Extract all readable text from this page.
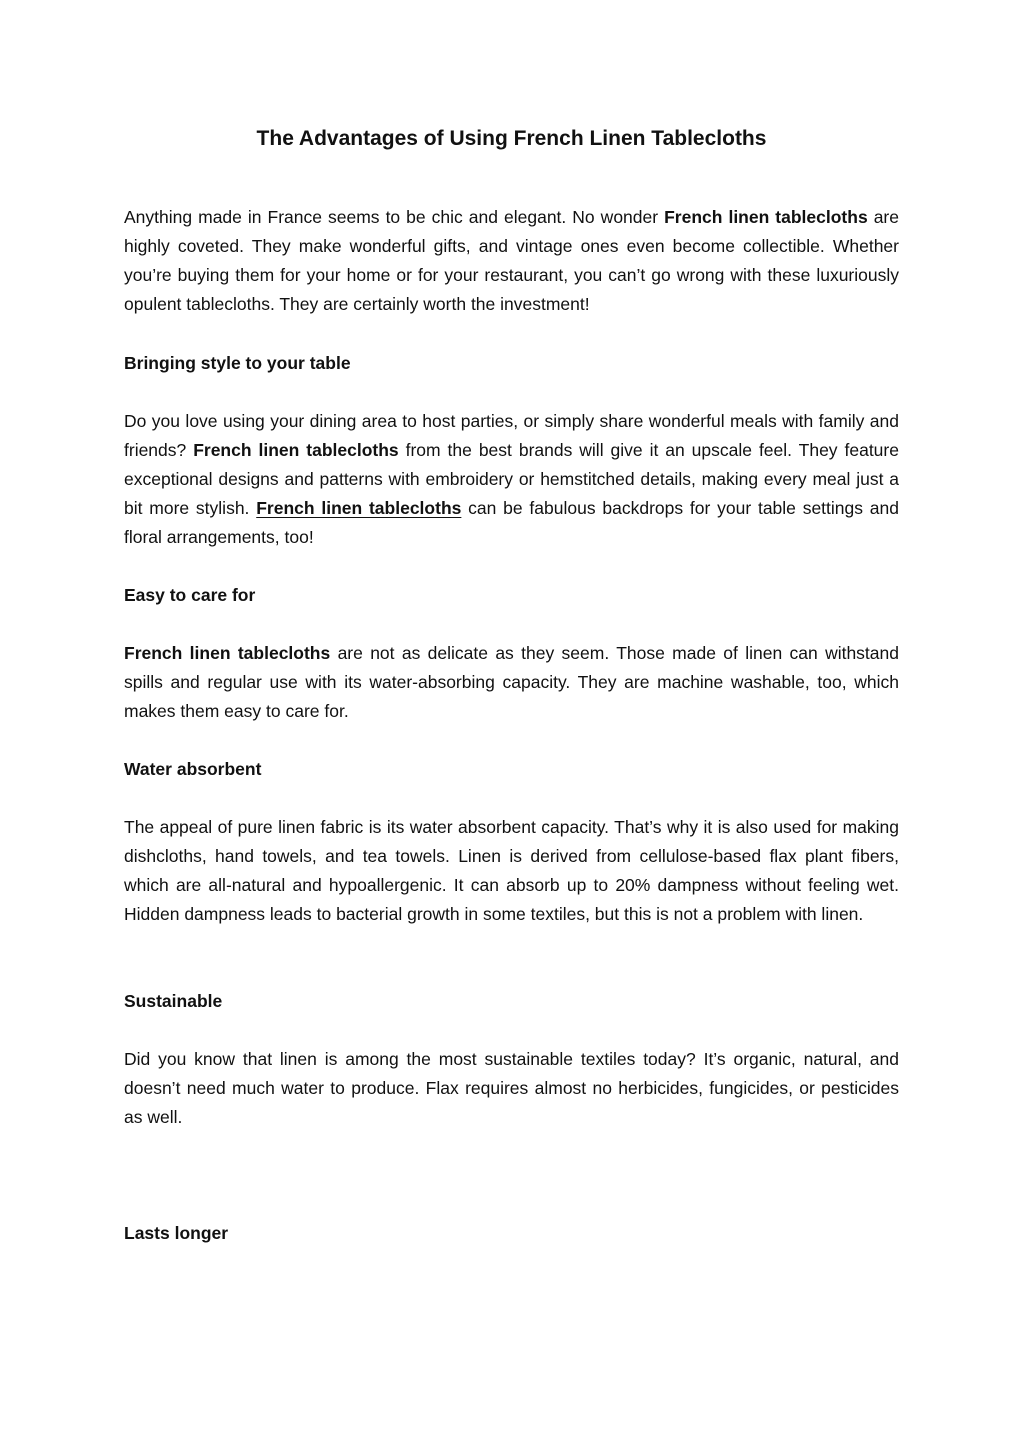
The Advantages of Using French Linen Tablecloths

Anything made in France seems to be chic and elegant. No wonder French linen tablecloths are highly coveted. They make wonderful gifts, and vintage ones even become collectible. Whether you’re buying them for your home or for your restaurant, you can’t go wrong with these luxuriously opulent tablecloths. They are certainly worth the investment!

Bringing style to your table

Do you love using your dining area to host parties, or simply share wonderful meals with family and friends? French linen tablecloths from the best brands will give it an upscale feel. They feature exceptional designs and patterns with embroidery or hemstitched details, making every meal just a bit more stylish. French linen tablecloths can be fabulous backdrops for your table settings and floral arrangements, too!

Easy to care for

French linen tablecloths are not as delicate as they seem. Those made of linen can withstand spills and regular use with its water-absorbing capacity. They are machine washable, too, which makes them easy to care for.

Water absorbent

The appeal of pure linen fabric is its water absorbent capacity. That’s why it is also used for making dishcloths, hand towels, and tea towels. Linen is derived from cellulose-based flax plant fibers, which are all-natural and hypoallergenic. It can absorb up to 20% dampness without feeling wet. Hidden dampness leads to bacterial growth in some textiles, but this is not a problem with linen.

Sustainable

Did you know that linen is among the most sustainable textiles today? It’s organic, natural, and doesn’t need much water to produce. Flax requires almost no herbicides, fungicides, or pesticides as well.

Lasts longer
